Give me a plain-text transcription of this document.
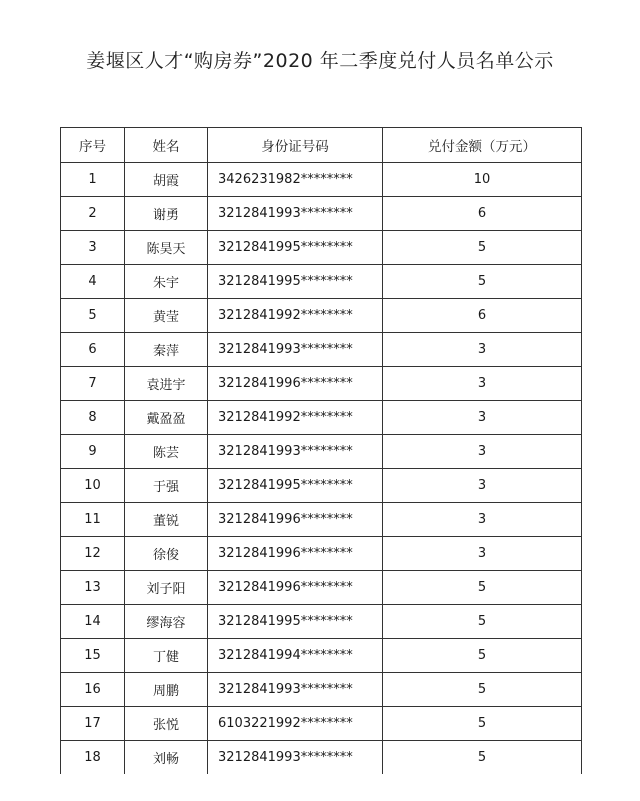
姜堰区人才“购房券”2020 年二季度兑付人员名单公示
序号	姓名	身份证号码	兑付金额（万元）
1	胡霞	3426231982********	10
2	谢勇	3212841993********	6
3	陈昊天	3212841995********	5
4	朱宇	3212841995********	5
5	黄莹	3212841992********	6
6	秦萍	3212841993********	3
7	袁进宇	3212841996********	3
8	戴盈盈	3212841992********	3
9	陈芸	3212841993********	3
10	于强	3212841995********	3
11	董锐	3212841996********	3
12	徐俊	3212841996********	3
13	刘子阳	3212841996********	5
14	缪海容	3212841995********	5
15	丁健	3212841994********	5
16	周鹏	3212841993********	5
17	张悦	6103221992********	5
18	刘畅	3212841993********	5
